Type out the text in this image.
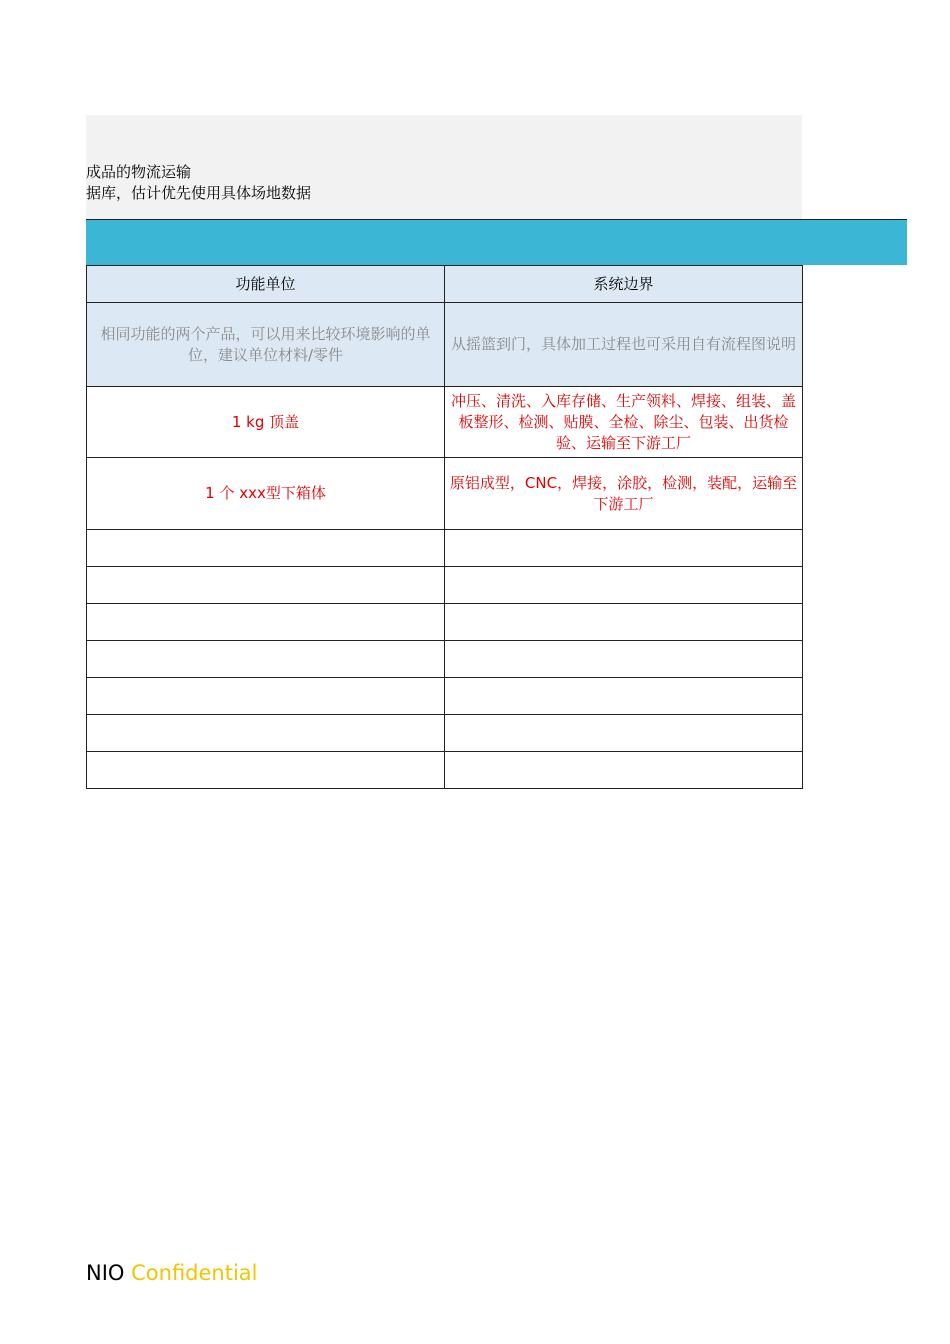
成品的物流运输
据库，估计优先使用具体场地数据
功能单位	系统边界
相同功能的两个产品，可以用来比较环境影响的单位，建议单位材料/零件	从摇篮到门，具体加工过程也可采用自有流程图说明
1 kg 顶盖	冲压、清洗、入库存储、生产领料、焊接、组装、盖板整形、检测、贴膜、全检、除尘、包装、出货检验、运输至下游工厂
1 个 xxx型下箱体	原铝成型，CNC，焊接，涂胶，检测，装配，运输至下游工厂

NIO Confidential
